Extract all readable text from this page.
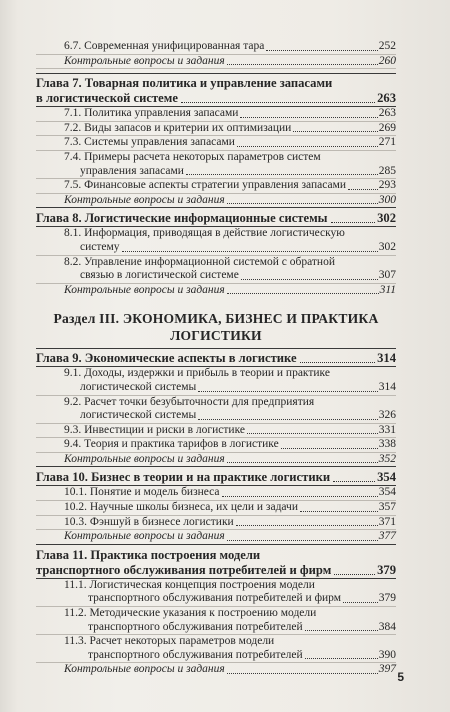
6.7. Современная унифицированная тара	252
Контрольные вопросы и задания	260
Глава 7. Товарная политика и управление запасами
в логистической системе	263
7.1. Политика управления запасами	263
7.2. Виды запасов и критерии их оптимизации	269
7.3. Системы управления запасами	271
7.4. Примеры расчета некоторых параметров систем
управления запасами	285
7.5. Финансовые аспекты стратегии управления запасами	293
Контрольные вопросы и задания	300
Глава 8. Логистические информационные системы	302
8.1. Информация, приводящая в действие логистическую
систему	302
8.2. Управление информационной системой с обратной
связью в логистической системе	307
Контрольные вопросы и задания	311
Раздел III. ЭКОНОМИКА, БИЗНЕС И ПРАКТИКА
ЛОГИСТИКИ
Глава 9. Экономические аспекты в логистике	314
9.1. Доходы, издержки и прибыль в теории и практике
логистической системы	314
9.2. Расчет точки безубыточности для предприятия
логистической системы	326
9.3. Инвестиции и риски в логистике	331
9.4. Теория и практика тарифов в логистике	338
Контрольные вопросы и задания	352
Глава 10. Бизнес в теории и на практике логистики	354
10.1. Понятие и модель бизнеса	354
10.2. Научные школы бизнеса, их цели и задачи	357
10.3. Фэншуй в бизнесе логистики	371
Контрольные вопросы и задания	377
Глава 11. Практика построения модели
транспортного обслуживания потребителей и фирм	379
11.1. Логистическая концепция построения модели
транспортного обслуживания потребителей и фирм	379
11.2. Методические указания к построению модели
транспортного обслуживания потребителей	384
11.3. Расчет некоторых параметров модели
транспортного обслуживания потребителей	390
Контрольные вопросы и задания	397
5
